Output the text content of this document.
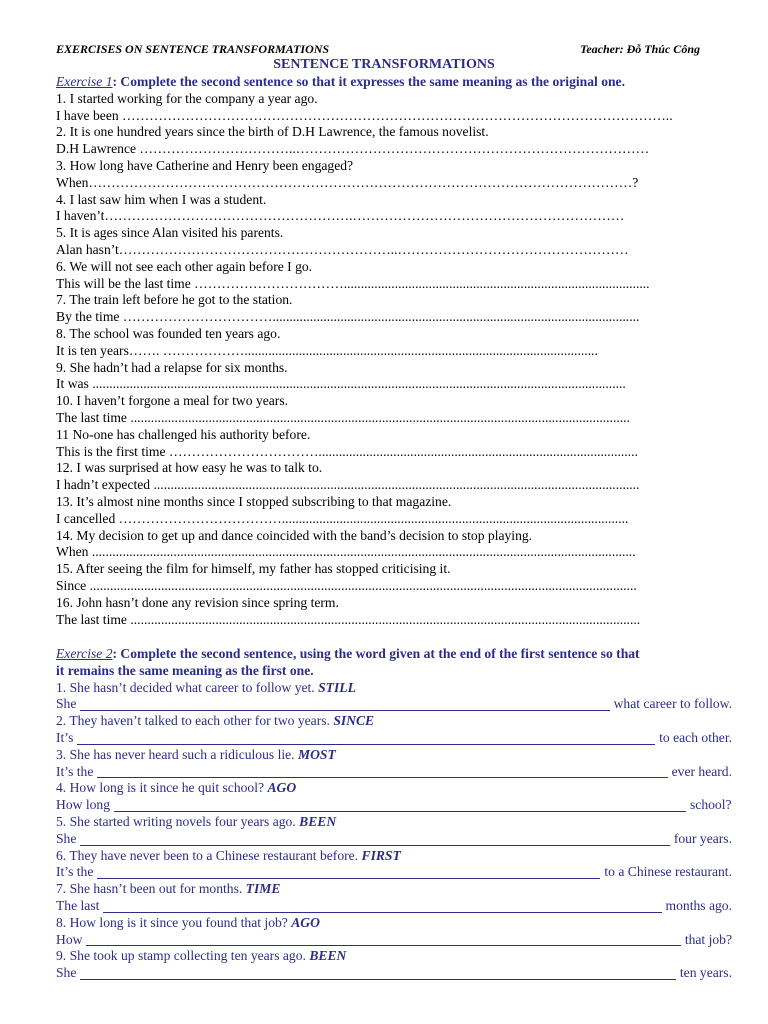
EXERCISES ON SENTENCE TRANSFORMATIONS	Teacher: Đỗ Thúc Công
SENTENCE TRANSFORMATIONS
Exercise 1: Complete the second sentence so that it expresses the same meaning as the original one.
1. I started working for the company a year ago.
I have been …………………………………………………………………………………………………………..
2. It is one hundred years since the birth of D.H Lawrence, the famous novelist.
D.H Lawrence ……………………………..……………………………………………………………………
3. How long have Catherine and Henry been engaged?
When…………………………………………………………………………………………………………?
4. I last saw him when I was a student.
I haven’t……………………………………………….……………………………………………………
5. It is ages since Alan visited his parents.
Alan hasn’t……………………………………………………..……………………………………………
6. We will not see each other again before I go.
This will be the last time ……………………………..........................................................................................
7. The train left before he got to the station.
By the time ……………………………............................................................................................................
8. The school was founded ten years ago.
It is ten years……. ………………........................................................................................................
9. She hadn’t had a relapse for six months.
It was .............................................................................................................................................................
10. I haven’t forgone a meal for two years.
The last time ...................................................................................................................................................
11 No-one has challenged his authority before.
This is the first time ……………………………..............................................................................................
12. I was surprised at how easy he was to talk to.
I hadn’t expected ...............................................................................................................................................
13. It’s almost nine months since I stopped subscribing to that magazine.
I cancelled ………………………………......................................................................................................
14. My decision to get up and dance coincided with the band’s decision to stop playing.
When ................................................................................................................................................................
15. After seeing the film for himself, my father has stopped criticising it.
Since .................................................................................................................................................................
16. John hasn’t done any revision since spring term.
The last time ......................................................................................................................................................
Exercise 2: Complete the second sentence, using the word given at the end of the first sentence so that
it remains the same meaning as the first one.
1. She hasn’t decided what career to follow yet. STILL
She	what career to follow.
2. They haven’t talked to each other for two years. SINCE
It’s	to each other.
3. She has never heard such a ridiculous lie. MOST
It’s the	ever heard.
4. How long is it since he quit school? AGO
How long	school?
5. She started writing novels four years ago. BEEN
She	four years.
6. They have never been to a Chinese restaurant before. FIRST
It’s the	to a Chinese restaurant.
7. She hasn’t been out for months. TIME
The last	months ago.
8. How long is it since you found that job? AGO
How	that job?
9. She took up stamp collecting ten years ago. BEEN
She	ten years.
